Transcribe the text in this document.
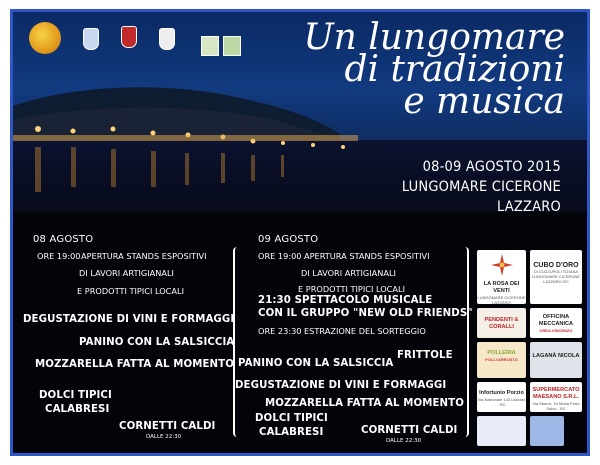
Un lungomare
di tradizioni
e musica
08-09 AGOSTO 2015
LUNGOMARE CICERONE
LAZZARO
08 AGOSTO
ORE 19:00 APERTURA STANDS ESPOSITIVI
DI LAVORI ARTIGIANALI
E PRODOTTI TIPICI LOCALI
DEGUSTAZIONE DI VINI E FORMAGGI
PANINO CON LA SALSICCIA
MOZZARELLA FATTA AL MOMENTO
DOLCI TIPICI
CALABRESI
CORNETTI CALDI
DALLE 22:30
09 AGOSTO
ORE 19:00 APERTURA STANDS ESPOSITIVI
DI LAVORI ARTIGIANALI
E PRODOTTI TIPICI LOCALI
21:30 SPETTACOLO MUSICALE
CON IL GRUPPO "NEW OLD FRIENDS"
ORE 23:30 ESTRAZIONE DEL SORTEGGIO
FRITTOLE
PANINO CON LA SALSICCIA
DEGUSTAZIONE DI VINI E FORMAGGI
MOZZARELLA FATTA AL MOMENTO
DOLCI TIPICI
CALABRESI	CORNETTI CALDI
DALLE 22:30
LA ROSA DEI VENTI
LUNGOMARE CICERONE LAZZARO
CUBO D'ORO
DI CUZZUPOLI TIZIANA LUNGOMARE CICERONE LAZZARO-RC
PENDENTI & CORALLI
OFFICINA MECCANICA
CREA VINCENZO
POLLERIA
POLLI ARROSTO
LAGANÀ NICOLA
Infortunio Porzio
Via Nazionale 143 Lazzaro - RC
SUPERMERCATO MAESANO S.R.L.
Via Sbarre, 34 Motta Porto Salvo - RC
